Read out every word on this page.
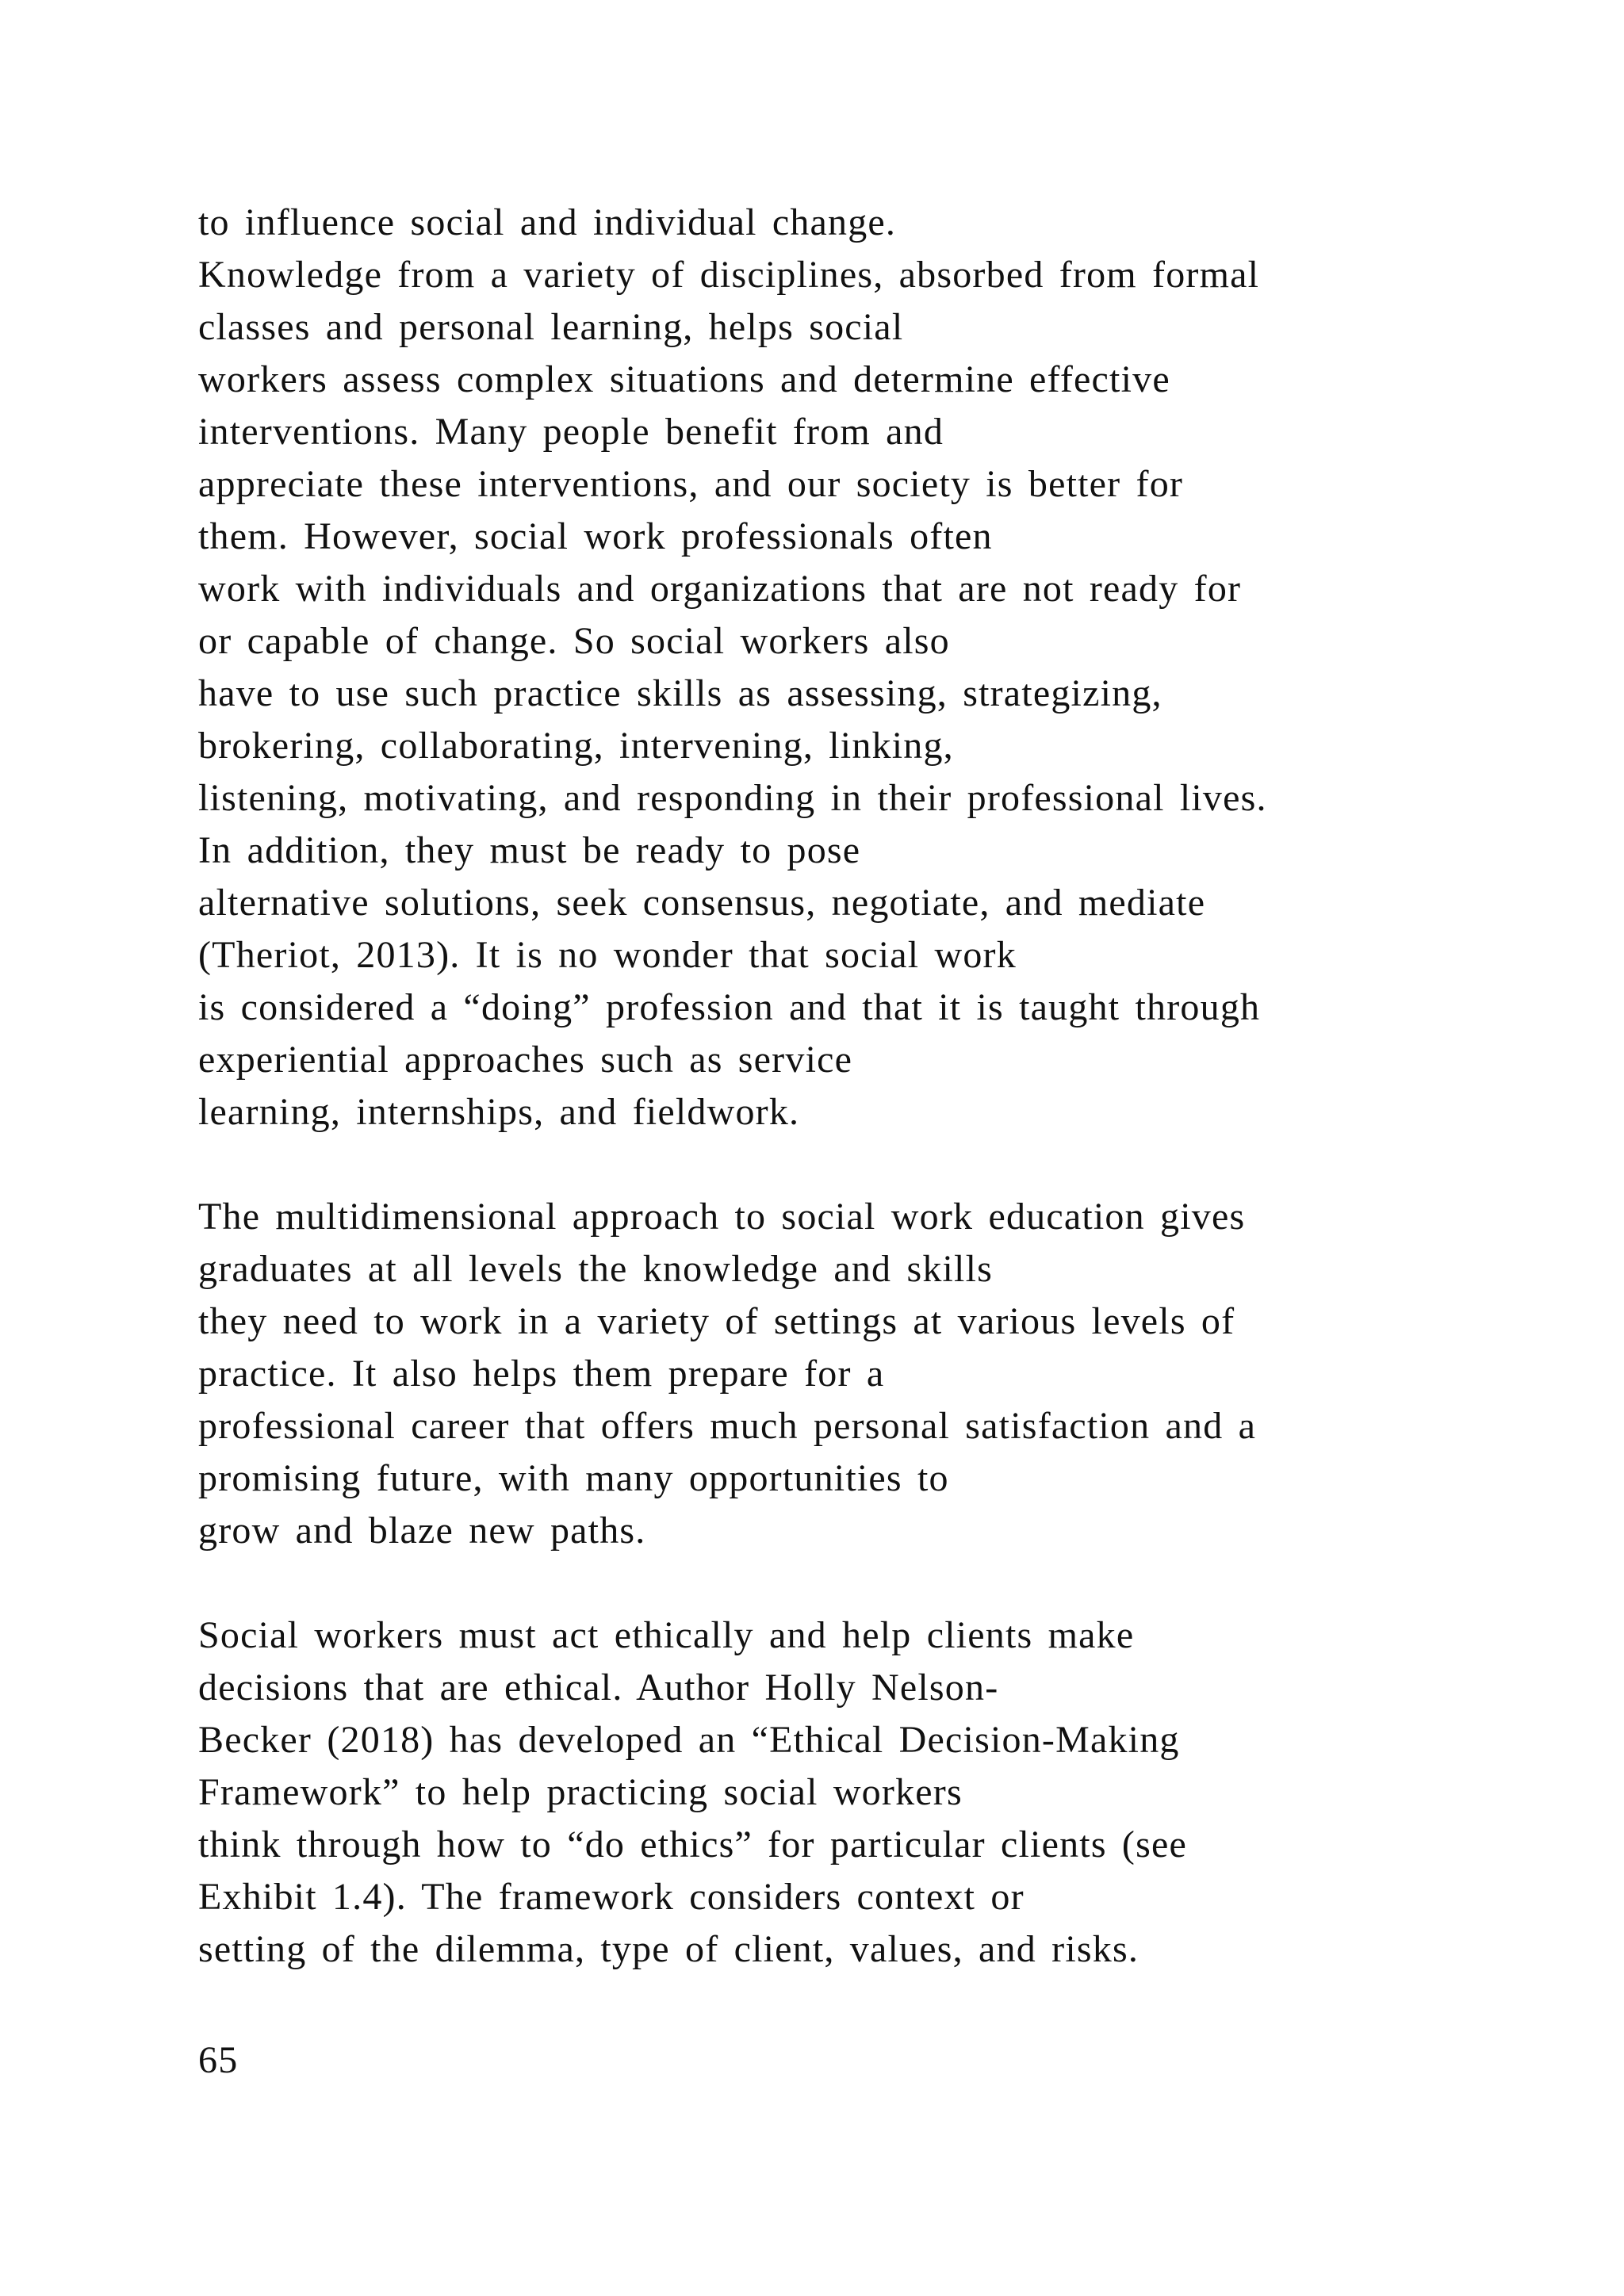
to influence social and individual change.
Knowledge from a variety of disciplines, absorbed from formal
classes and personal learning, helps social
workers assess complex situations and determine effective
interventions. Many people benefit from and
appreciate these interventions, and our society is better for
them. However, social work professionals often
work with individuals and organizations that are not ready for
or capable of change. So social workers also
have to use such practice skills as assessing, strategizing,
brokering, collaborating, intervening, linking,
listening, motivating, and responding in their professional lives.
In addition, they must be ready to pose
alternative solutions, seek consensus, negotiate, and mediate
(Theriot, 2013). It is no wonder that social work
is considered a “doing” profession and that it is taught through
experiential approaches such as service
learning, internships, and fieldwork.
The multidimensional approach to social work education gives
graduates at all levels the knowledge and skills
they need to work in a variety of settings at various levels of
practice. It also helps them prepare for a
professional career that offers much personal satisfaction and a
promising future, with many opportunities to
grow and blaze new paths.
Social workers must act ethically and help clients make
decisions that are ethical. Author Holly Nelson-
Becker (2018) has developed an “Ethical Decision-Making
Framework” to help practicing social workers
think through how to “do ethics” for particular clients (see
Exhibit 1.4). The framework considers context or
setting of the dilemma, type of client, values, and risks.
65
